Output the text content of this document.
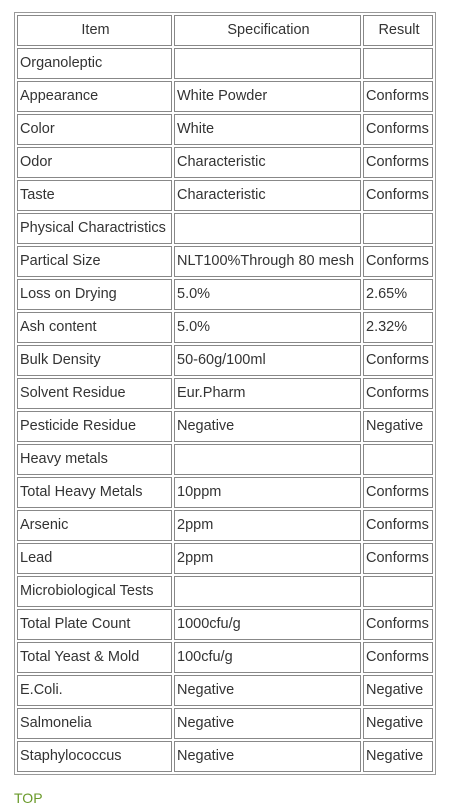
Item	Specification	Result
Organoleptic		
Appearance	White Powder	Conforms
Color	White	Conforms
Odor	Characteristic	Conforms
Taste	Characteristic	Conforms
Physical Charactristics		
Partical Size	NLT100%Through 80 mesh	Conforms
Loss on Drying	5.0%	2.65%
Ash content	5.0%	2.32%
Bulk Density	50-60g/100ml	Conforms
Solvent Residue	Eur.Pharm	Conforms
Pesticide Residue	Negative	Negative
Heavy metals		
Total Heavy Metals	10ppm	Conforms
Arsenic	2ppm	Conforms
Lead	2ppm	Conforms
Microbiological Tests		
Total Plate Count	1000cfu/g	Conforms
Total Yeast & Mold	100cfu/g	Conforms
E.Coli.	Negative	Negative
Salmonelia	Negative	Negative
Staphylococcus	Negative	Negative
TOP
